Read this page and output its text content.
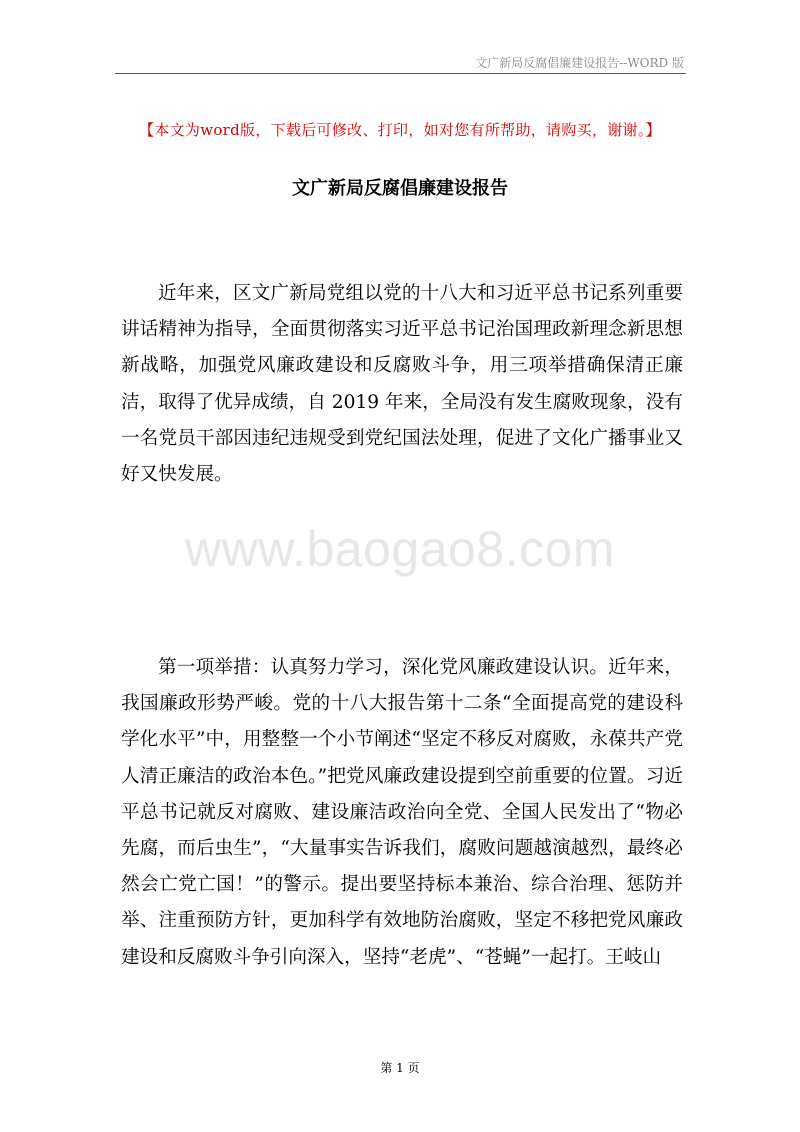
文广新局反腐倡廉建设报告--WORD 版
【本文为word版，下载后可修改、打印，如对您有所帮助，请购买，谢谢。】
文广新局反腐倡廉建设报告

近年来，区文广新局党组以党的十八大和习近平总书记系列重要讲话精神为指导，全面贯彻落实习近平总书记治国理政新理念新思想新战略，加强党风廉政建设和反腐败斗争，用三项举措确保清正廉洁，取得了优异成绩，自 2019 年来，全局没有发生腐败现象，没有一名党员干部因违纪违规受到党纪国法处理，促进了文化广播事业又好又快发展。

www.baogao8.com

第一项举措：认真努力学习，深化党风廉政建设认识。近年来，我国廉政形势严峻。党的十八大报告第十二条“全面提高党的建设科学化水平”中，用整整一个小节阐述“坚定不移反对腐败，永葆共产党人清正廉洁的政治本色。”把党风廉政建设提到空前重要的位置。习近平总书记就反对腐败、建设廉洁政治向全党、全国人民发出了“物必先腐，而后虫生”，“大量事实告诉我们，腐败问题越演越烈，最终必然会亡党亡国！”的警示。提出要坚持标本兼治、综合治理、惩防并举、注重预防方针，更加科学有效地防治腐败，坚定不移把党风廉政建设和反腐败斗争引向深入，坚持“老虎”、“苍蝇”一起打。王岐山

第 1 页
